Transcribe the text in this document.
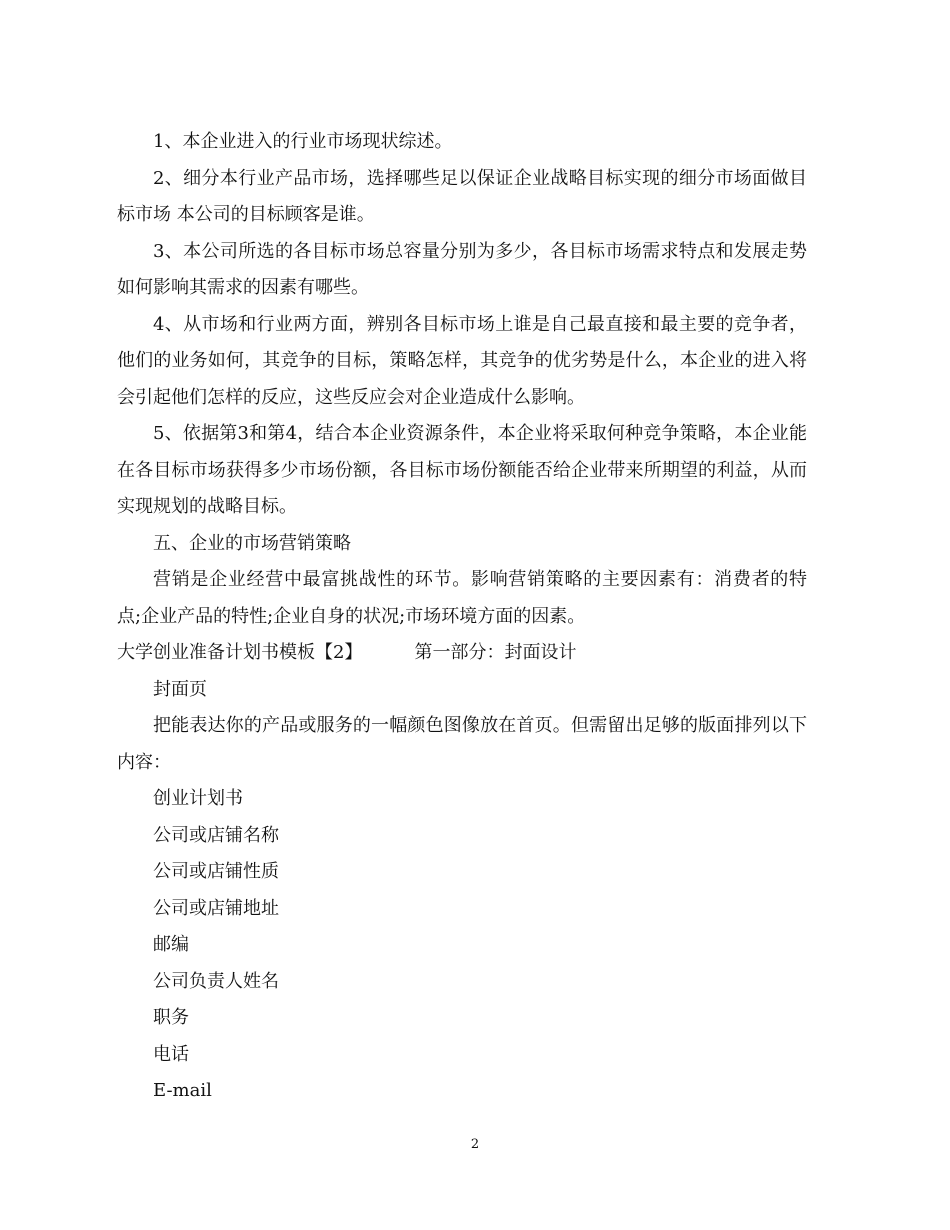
1、本企业进入的行业市场现状综述。

2、细分本行业产品市场，选择哪些足以保证企业战略目标实现的细分市场面做目标市场 本公司的目标顾客是谁。

3、本公司所选的各目标市场总容量分别为多少，各目标市场需求特点和发展走势如何影响其需求的因素有哪些。

4、从市场和行业两方面，辨别各目标市场上谁是自己最直接和最主要的竞争者，他们的业务如何，其竞争的目标，策略怎样，其竞争的优劣势是什么，本企业的进入将会引起他们怎样的反应，这些反应会对企业造成什么影响。

5、依据第3和第4，结合本企业资源条件，本企业将采取何种竞争策略，本企业能在各目标市场获得多少市场份额，各目标市场份额能否给企业带来所期望的利益，从而实现规划的战略目标。

五、企业的市场营销策略

营销是企业经营中最富挑战性的环节。影响营销策略的主要因素有：消费者的特点;企业产品的特性;企业自身的状况;市场环境方面的因素。

大学创业准备计划书模板【2】	第一部分：封面设计

封面页

把能表达你的产品或服务的一幅颜色图像放在首页。但需留出足够的版面排列以下内容：

创业计划书

公司或店铺名称

公司或店铺性质

公司或店铺地址

邮编

公司负责人姓名

职务

电话

E-mail

2
